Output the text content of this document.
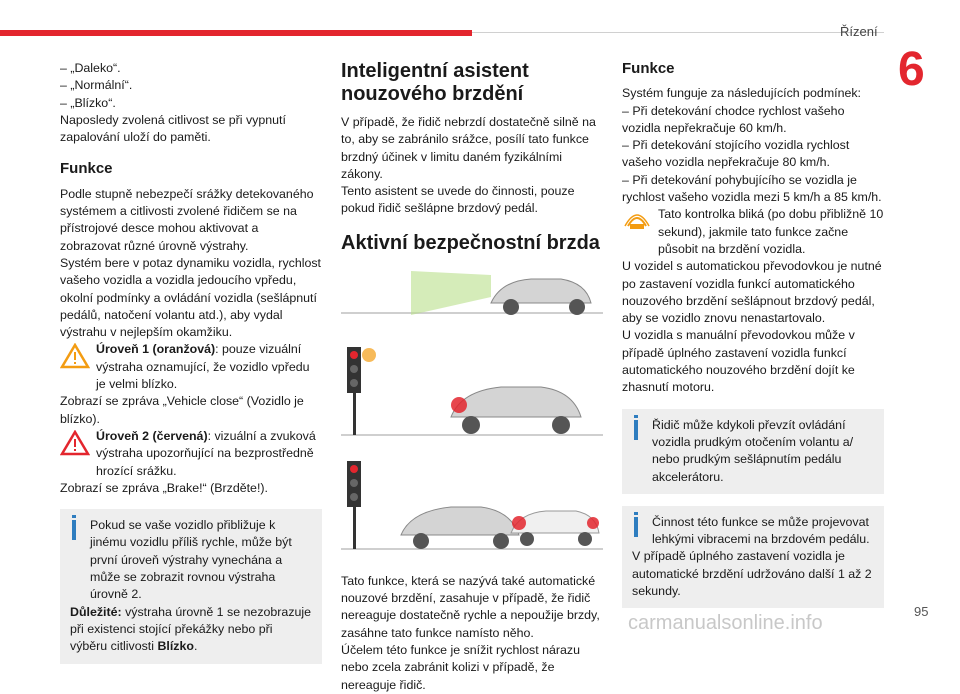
Řízení
6

– „Daleko“.

– „Normální“.

– „Blízko“.

Naposledy zvolená citlivost se při vypnutí zapalování uloží do paměti.

Funkce

Podle stupně nebezpečí srážky detekovaného systémem a citlivosti zvolené řidičem se na přístrojové desce mohou aktivovat a zobrazovat různé úrovně výstrahy.

Systém bere v potaz dynamiku vozidla, rychlost vašeho vozidla a vozidla jedoucího vpředu, okolní podmínky a ovládání vozidla (sešlápnutí pedálů, natočení volantu atd.), aby vydal výstrahu v nejlepším okamžiku.

Úroveň 1 (oranžová): pouze vizuální výstraha oznamující, že vozidlo vpředu je velmi blízko.

Zobrazí se zpráva „Vehicle close“ (Vozidlo je blízko).

Úroveň 2 (červená): vizuální a zvuková výstraha upozorňující na bezprostředně hrozící srážku.

Zobrazí se zpráva „Brake!“ (Brzděte!).

Pokud se vaše vozidlo přibližuje k jinému vozidlu příliš rychle, může být první úroveň výstrahy vynechána a může se zobrazit rovnou výstraha úrovně 2.

Důležité: výstraha úrovně 1 se nezobrazuje při existenci stojící překážky nebo při výběru citlivosti Blízko.

Inteligentní asistent nouzového brzdění

V případě, že řidič nebrzdí dostatečně silně na to, aby se zabránilo srážce, posílí tato funkce brzdný účinek v limitu daném fyzikálními zákony.

Tento asistent se uvede do činnosti, pouze pokud řidič sešlápne brzdový pedál.

Aktivní bezpečnostní brzda

Tato funkce, která se nazývá také automatické nouzové brzdění, zasahuje v případě, že řidič nereaguje dostatečně rychle a nepoužije brzdy, zasáhne tato funkce namísto něho.

Účelem této funkce je snížit rychlost nárazu nebo zcela zabránit kolizi v případě, že nereaguje řidič.

Funkce

Systém funguje za následujících podmínek:

– Při detekování chodce rychlost vašeho vozidla nepřekračuje 60 km/h.

– Při detekování stojícího vozidla rychlost vašeho vozidla nepřekračuje 80 km/h.

– Při detekování pohybujícího se vozidla je rychlost vašeho vozidla mezi 5 km/h a 85 km/h.

Tato kontrolka bliká (po dobu přibližně 10 sekund), jakmile tato funkce začne působit na brzdění vozidla.

U vozidel s automatickou převodovkou je nutné po zastavení vozidla funkcí automatického nouzového brzdění sešlápnout brzdový pedál, aby se vozidlo znovu nenastartovalo.

U vozidla s manuální převodovkou může v případě úplného zastavení vozidla funkcí automatického nouzového brzdění dojít ke zhasnutí motoru.

Řidič může kdykoli převzít ovládání vozidla prudkým otočením volantu a/ nebo prudkým sešlápnutím pedálu akcelerátoru.

Činnost této funkce se může projevovat lehkými vibracemi na brzdovém pedálu.

V případě úplného zastavení vozidla je automatické brzdění udržováno další 1 až 2 sekundy.

95
carmanualsonline.info
